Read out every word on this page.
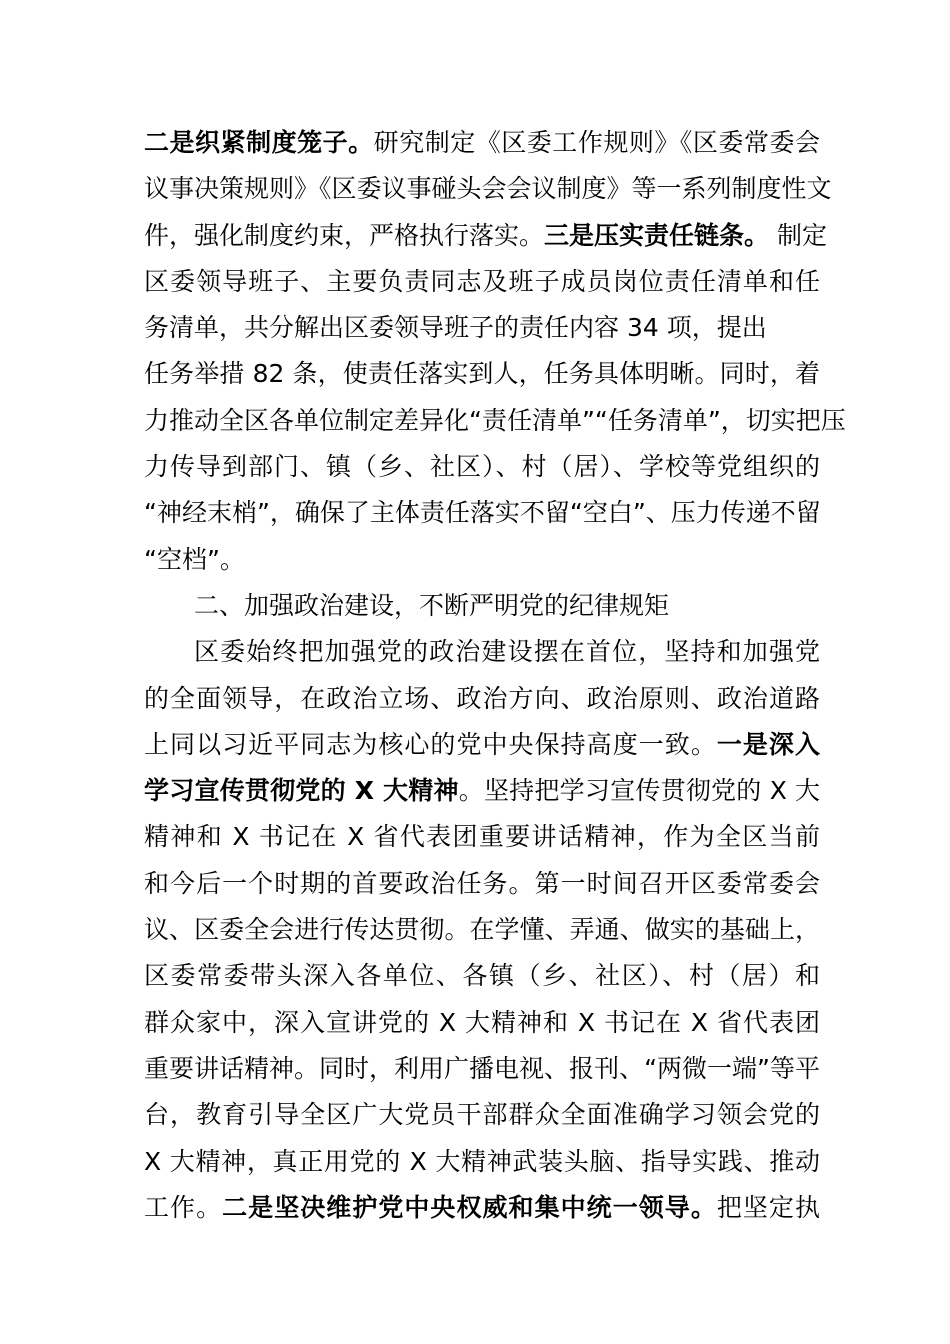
二是织紧制度笼子。研究制定《区委工作规则》《区委常委会
议事决策规则》《区委议事碰头会会议制度》等一系列制度性文
件，强化制度约束，严格执行落实。三是压实责任链条。 制定
区委领导班子、主要负责同志及班子成员岗位责任清单和任
务清单，共分解出区委领导班子的责任内容 34 项，提出
任务举措 82 条，使责任落实到人，任务具体明晰。同时，着
力推动全区各单位制定差异化“责任清单”“任务清单”，切实把压
力传导到部门、镇（乡、社区）、村（居）、学校等党组织的
“神经末梢”，确保了主体责任落实不留“空白”、压力传递不留
“空档”。
二、加强政治建设，不断严明党的纪律规矩
区委始终把加强党的政治建设摆在首位，坚持和加强党
的全面领导，在政治立场、政治方向、政治原则、政治道路
上同以习近平同志为核心的党中央保持高度一致。一是深入
学习宣传贯彻党的 X 大精神。坚持把学习宣传贯彻党的 X 大
精神和 X 书记在 X 省代表团重要讲话精神，作为全区当前
和今后一个时期的首要政治任务。第一时间召开区委常委会
议、区委全会进行传达贯彻。在学懂、弄通、做实的基础上，
区委常委带头深入各单位、各镇（乡、社区）、村（居）和
群众家中，深入宣讲党的 X 大精神和 X 书记在 X 省代表团
重要讲话精神。同时，利用广播电视、报刊、“两微一端”等平
台，教育引导全区广大党员干部群众全面准确学习领会党的
X 大精神，真正用党的 X 大精神武装头脑、指导实践、推动
工作。二是坚决维护党中央权威和集中统一领导。把坚定执
